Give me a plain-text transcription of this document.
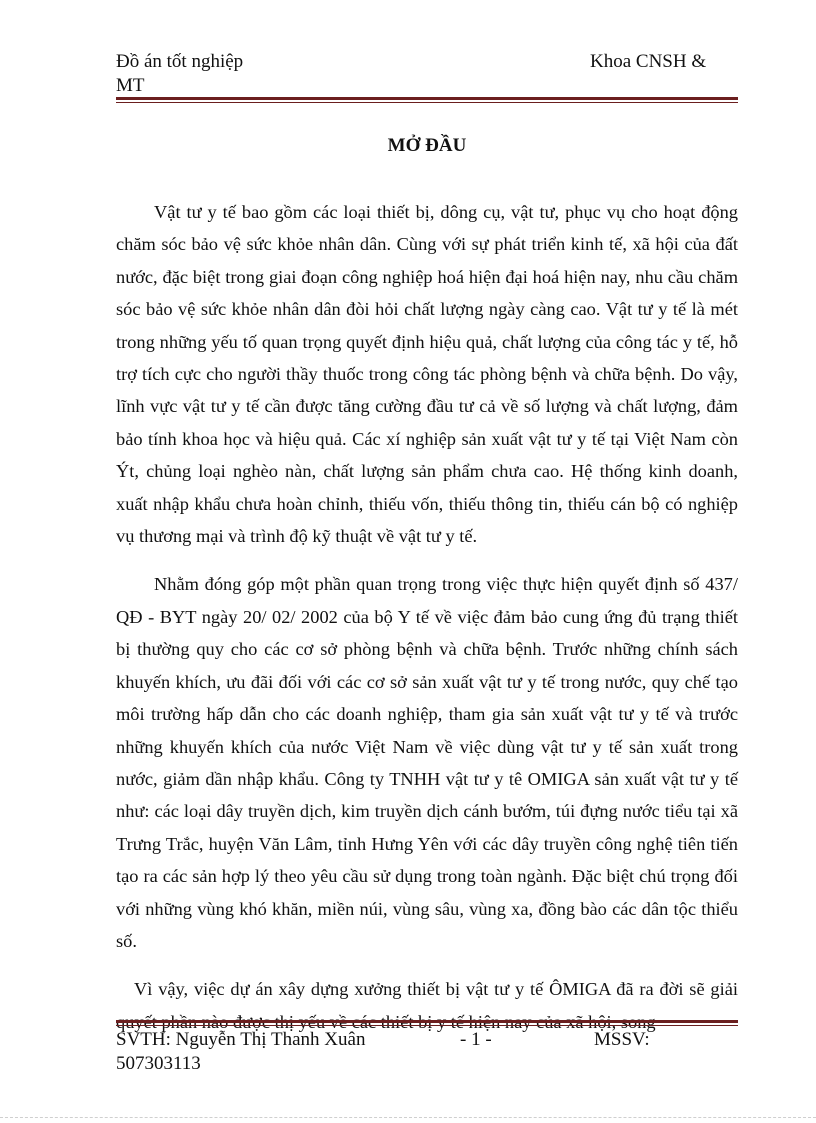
Đồ án tốt nghiệp	Khoa CNSH &
MT
MỞ ĐẦU

Vật tư y tế bao gồm các loại thiết bị, dông cụ, vật tư, phục vụ cho hoạt động chăm sóc bảo vệ sức khỏe nhân dân. Cùng với sự phát triển kinh tế, xã hội của đất nước, đặc biệt trong giai đoạn công nghiệp hoá hiện đại hoá hiện nay, nhu cầu chăm sóc bảo vệ sức khỏe nhân dân đòi hỏi chất lượng ngày càng cao. Vật tư y tế là mét trong những yếu tố quan trọng quyết định hiệu quả, chất lượng của công tác y tế, hỗ trợ tích cực cho người thầy thuốc trong công tác phòng bệnh và chữa bệnh. Do vậy, lĩnh vực vật tư y tế cần được tăng cường đầu tư cả về số lượng và chất lượng, đảm bảo tính khoa học và hiệu quả. Các xí nghiệp sản xuất vật tư y tế tại Việt Nam còn Ýt, chủng loại nghèo nàn, chất lượng sản phẩm chưa cao. Hệ thống kinh doanh, xuất nhập khẩu chưa hoàn chỉnh, thiếu vốn, thiếu thông tin, thiếu cán bộ có nghiệp vụ thương mại và trình độ kỹ thuật về vật tư y tế.

Nhằm đóng góp một phần quan trọng trong việc thực hiện quyết định số 437/ QĐ - BYT ngày 20/ 02/ 2002 của bộ Y tế về việc đảm bảo cung ứng đủ trạng thiết bị thường quy cho các cơ sở phòng bệnh và chữa bệnh. Trước những chính sách khuyến khích, ưu đãi đối với các cơ sở sản xuất vật tư y tế trong nước, quy chế tạo môi trường hấp dẫn cho các doanh nghiệp, tham gia sản xuất vật tư y tế và trước những khuyến khích của nước Việt Nam về việc dùng vật tư y tế sản xuất trong nước, giảm dần nhập khẩu. Công ty TNHH vật tư y tê OMIGA sản xuất vật tư y tế như: các loại dây truyền dịch, kim truyền dịch cánh bướm, túi đựng nước tiểu tại xã Trưng Trắc, huyện Văn Lâm, tỉnh Hưng Yên với các dây truyền công nghệ tiên tiến tạo ra các sản hợp lý theo yêu cầu sử dụng trong toàn ngành. Đặc biệt chú trọng đối với những vùng khó khăn, miền núi, vùng sâu, vùng xa, đồng bào các dân tộc thiểu số.

Vì vậy, việc dự án xây dựng xưởng thiết bị vật tư y tế ÔMIGA đã ra đời sẽ giải

SVTH: Nguyễn Thị Thanh Xuân	- 1 -	MSSV:
507303113
